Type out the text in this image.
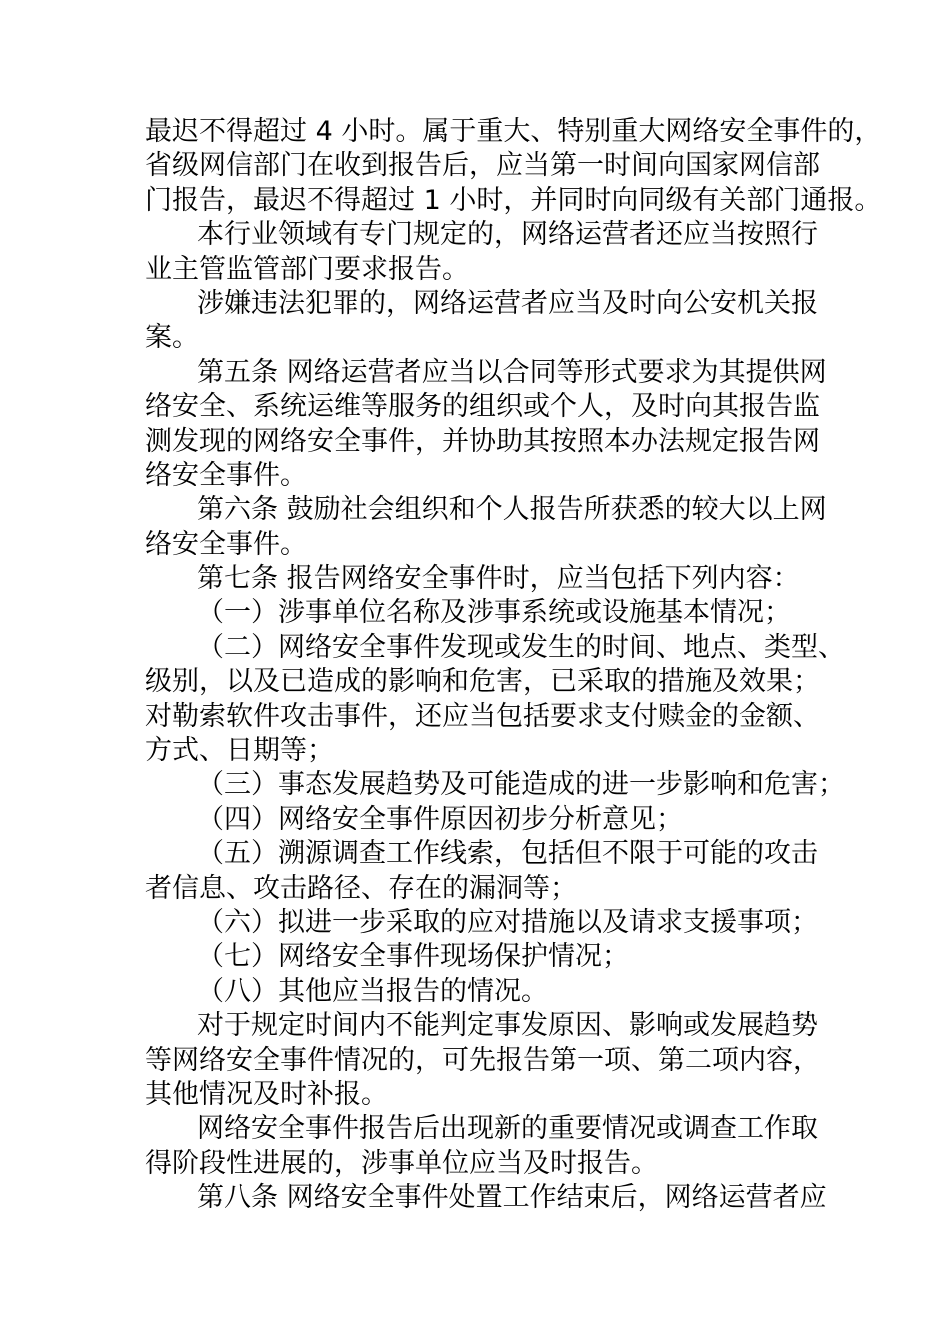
最迟不得超过 4 小时。属于重大、特别重大网络安全事件的，
省级网信部门在收到报告后，应当第一时间向国家网信部
门报告，最迟不得超过 1 小时，并同时向同级有关部门通报。
本行业领域有专门规定的，网络运营者还应当按照行
业主管监管部门要求报告。
涉嫌违法犯罪的，网络运营者应当及时向公安机关报
案。
第五条 网络运营者应当以合同等形式要求为其提供网
络安全、系统运维等服务的组织或个人，及时向其报告监
测发现的网络安全事件，并协助其按照本办法规定报告网
络安全事件。
第六条 鼓励社会组织和个人报告所获悉的较大以上网
络安全事件。
第七条 报告网络安全事件时，应当包括下列内容：
（一）涉事单位名称及涉事系统或设施基本情况；
（二）网络安全事件发现或发生的时间、地点、类型、
级别，以及已造成的影响和危害，已采取的措施及效果；
对勒索软件攻击事件，还应当包括要求支付赎金的金额、
方式、日期等；
（三）事态发展趋势及可能造成的进一步影响和危害；
（四）网络安全事件原因初步分析意见；
（五）溯源调查工作线索，包括但不限于可能的攻击
者信息、攻击路径、存在的漏洞等；
（六）拟进一步采取的应对措施以及请求支援事项；
（七）网络安全事件现场保护情况；
（八）其他应当报告的情况。
对于规定时间内不能判定事发原因、影响或发展趋势
等网络安全事件情况的，可先报告第一项、第二项内容，
其他情况及时补报。
网络安全事件报告后出现新的重要情况或调查工作取
得阶段性进展的，涉事单位应当及时报告。
第八条 网络安全事件处置工作结束后，网络运营者应
